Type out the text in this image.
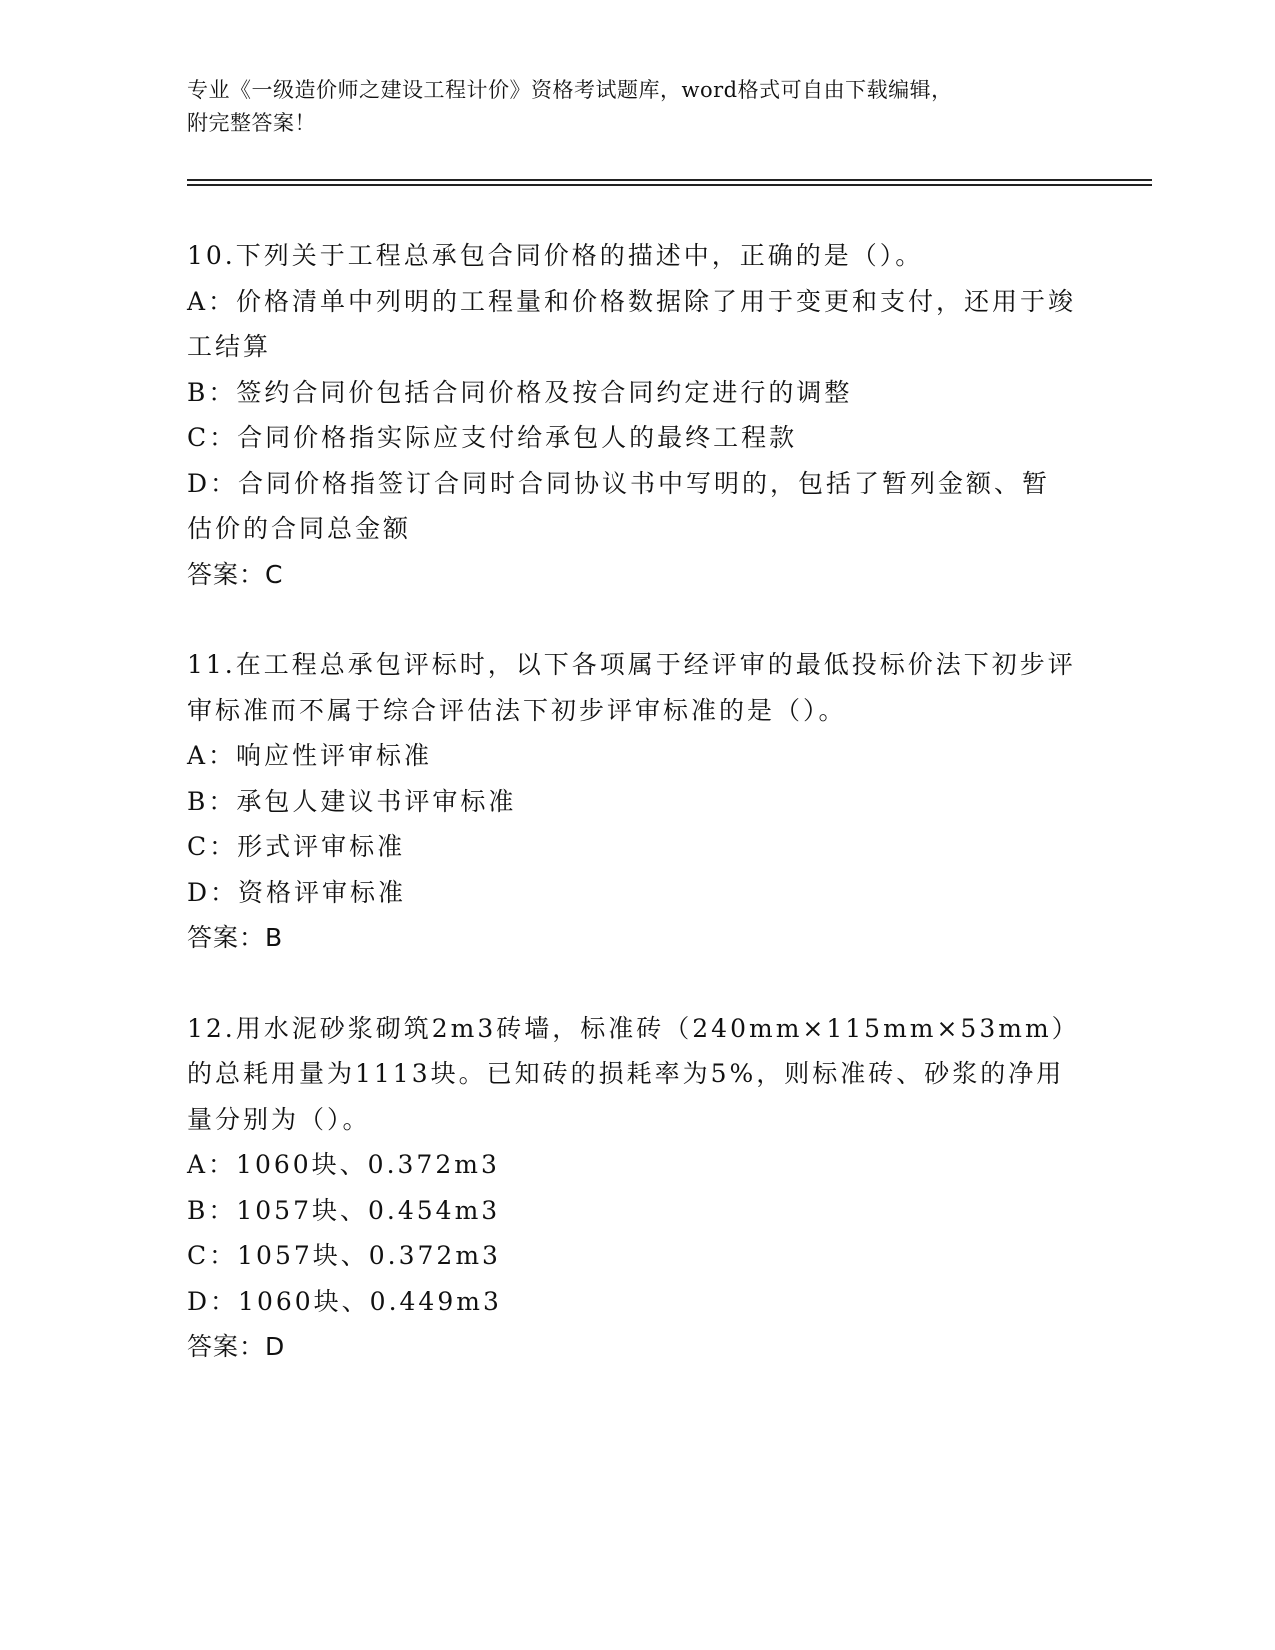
专业《一级造价师之建设工程计价》资格考试题库，word格式可自由下载编辑，
附完整答案！
10.下列关于工程总承包合同价格的描述中，正确的是（）。
A：价格清单中列明的工程量和价格数据除了用于变更和支付，还用于竣工结算
B：签约合同价包括合同价格及按合同约定进行的调整
C：合同价格指实际应支付给承包人的最终工程款
D：合同价格指签订合同时合同协议书中写明的，包括了暂列金额、暂估价的合同总金额
答案：C
11.在工程总承包评标时，以下各项属于经评审的最低投标价法下初步评审标准而不属于综合评估法下初步评审标准的是（）。
A：响应性评审标准
B：承包人建议书评审标准
C：形式评审标准
D：资格评审标准
答案：B
12.用水泥砂浆砌筑2m3砖墙，标准砖（240mm×115mm×53mm）的总耗用量为1113块。已知砖的损耗率为5%，则标准砖、砂浆的净用量分别为（）。
A：1060块、0.372m3
B：1057块、0.454m3
C：1057块、0.372m3
D：1060块、0.449m3
答案：D
